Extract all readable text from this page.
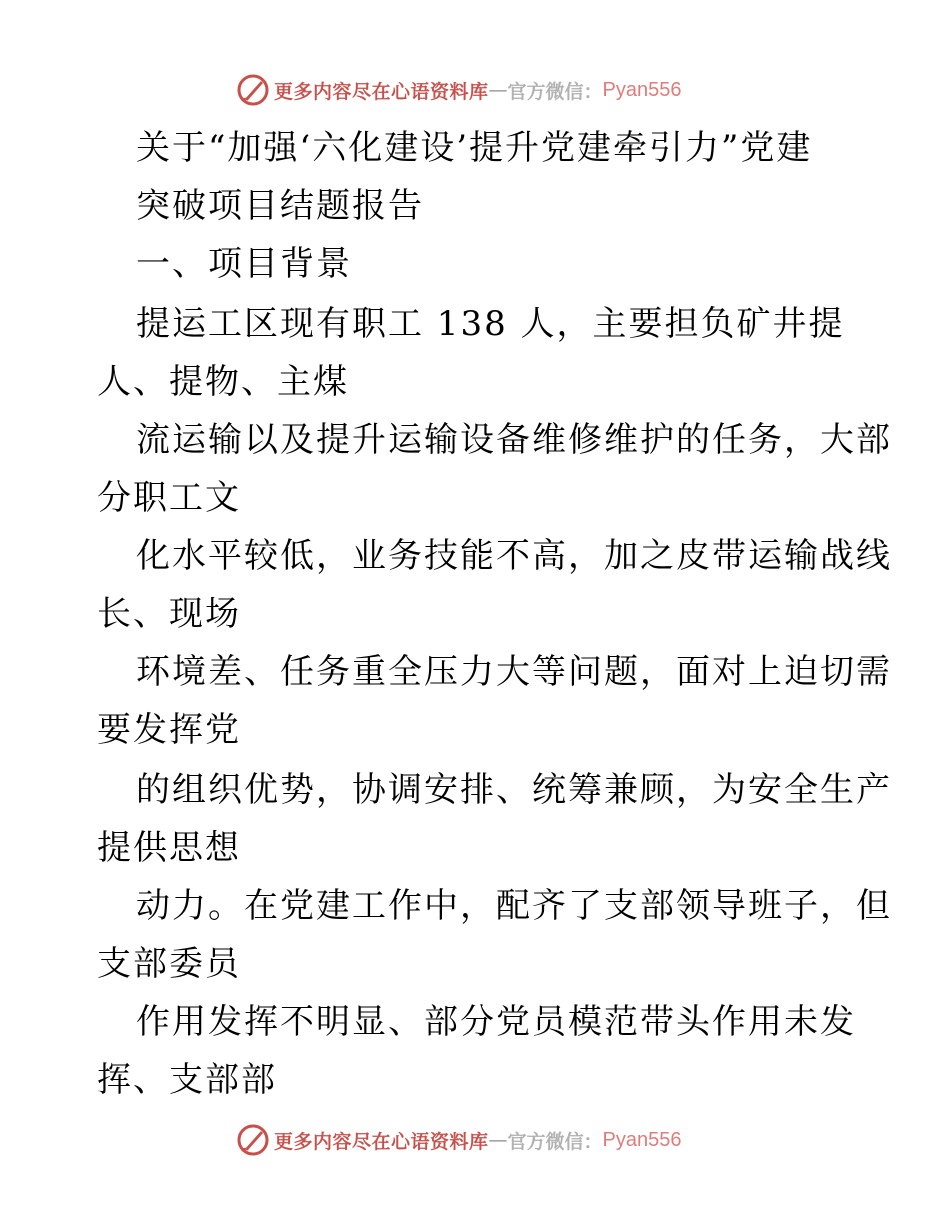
更多内容尽在心语资料库 — 官方微信： Pyan556
关于“加强‘六化建设’提升党建牵引力”党建
突破项目结题报告
一、项目背景
提运工区现有职工 138 人，主要担负矿井提
人、提物、主煤
流运输以及提升运输设备维修维护的任务，大部
分职工文
化水平较低，业务技能不高，加之皮带运输战线
长、现场
环境差、任务重全压力大等问题，面对上迫切需
要发挥党
的组织优势，协调安排、统筹兼顾，为安全生产
提供思想
动力。在党建工作中，配齐了支部领导班子，但
支部委员
作用发挥不明显、部分党员模范带头作用未发
挥、支部部
更多内容尽在心语资料库 — 官方微信： Pyan556
